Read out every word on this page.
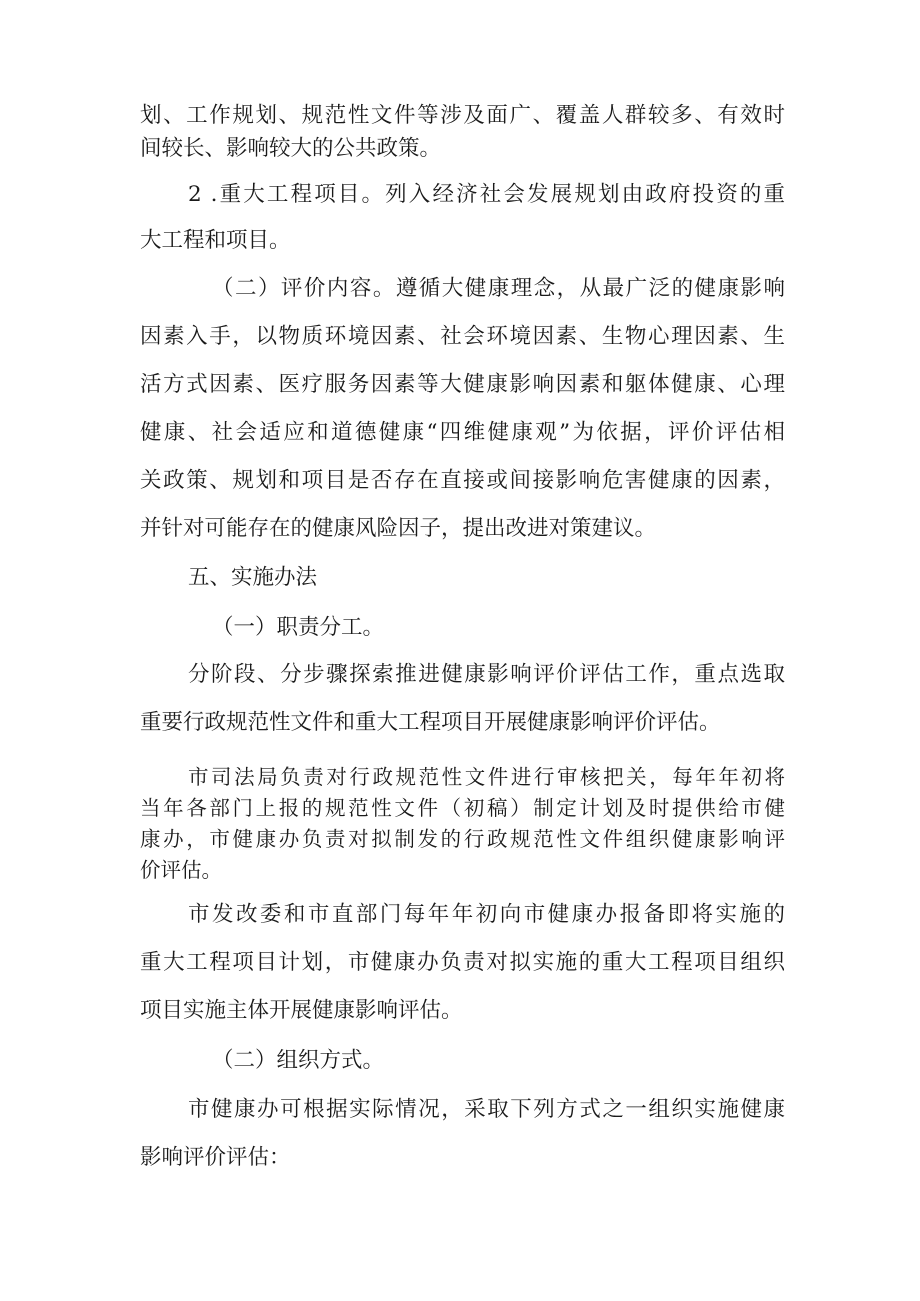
划、工作规划、规范性文件等涉及面广、覆盖人群较多、有效时
间较长、影响较大的公共政策。
2 .重大工程项目。列入经济社会发展规划由政府投资的重
大工程和项目。
（二）评价内容。遵循大健康理念，从最广泛的健康影响
因素入手，以物质环境因素、社会环境因素、生物心理因素、生
活方式因素、医疗服务因素等大健康影响因素和躯体健康、心理
健康、社会适应和道德健康“四维健康观”为依据，评价评估相
关政策、规划和项目是否存在直接或间接影响危害健康的因素，
并针对可能存在的健康风险因子，提出改进对策建议。
五、实施办法
（一）职责分工。
分阶段、分步骤探索推进健康影响评价评估工作，重点选取
重要行政规范性文件和重大工程项目开展健康影响评价评估。
市司法局负责对行政规范性文件进行审核把关，每年年初将
当年各部门上报的规范性文件（初稿）制定计划及时提供给市健
康办，市健康办负责对拟制发的行政规范性文件组织健康影响评
价评估。
市发改委和市直部门每年年初向市健康办报备即将实施的
重大工程项目计划，市健康办负责对拟实施的重大工程项目组织
项目实施主体开展健康影响评估。
（二）组织方式。
市健康办可根据实际情况，采取下列方式之一组织实施健康
影响评价评估：
